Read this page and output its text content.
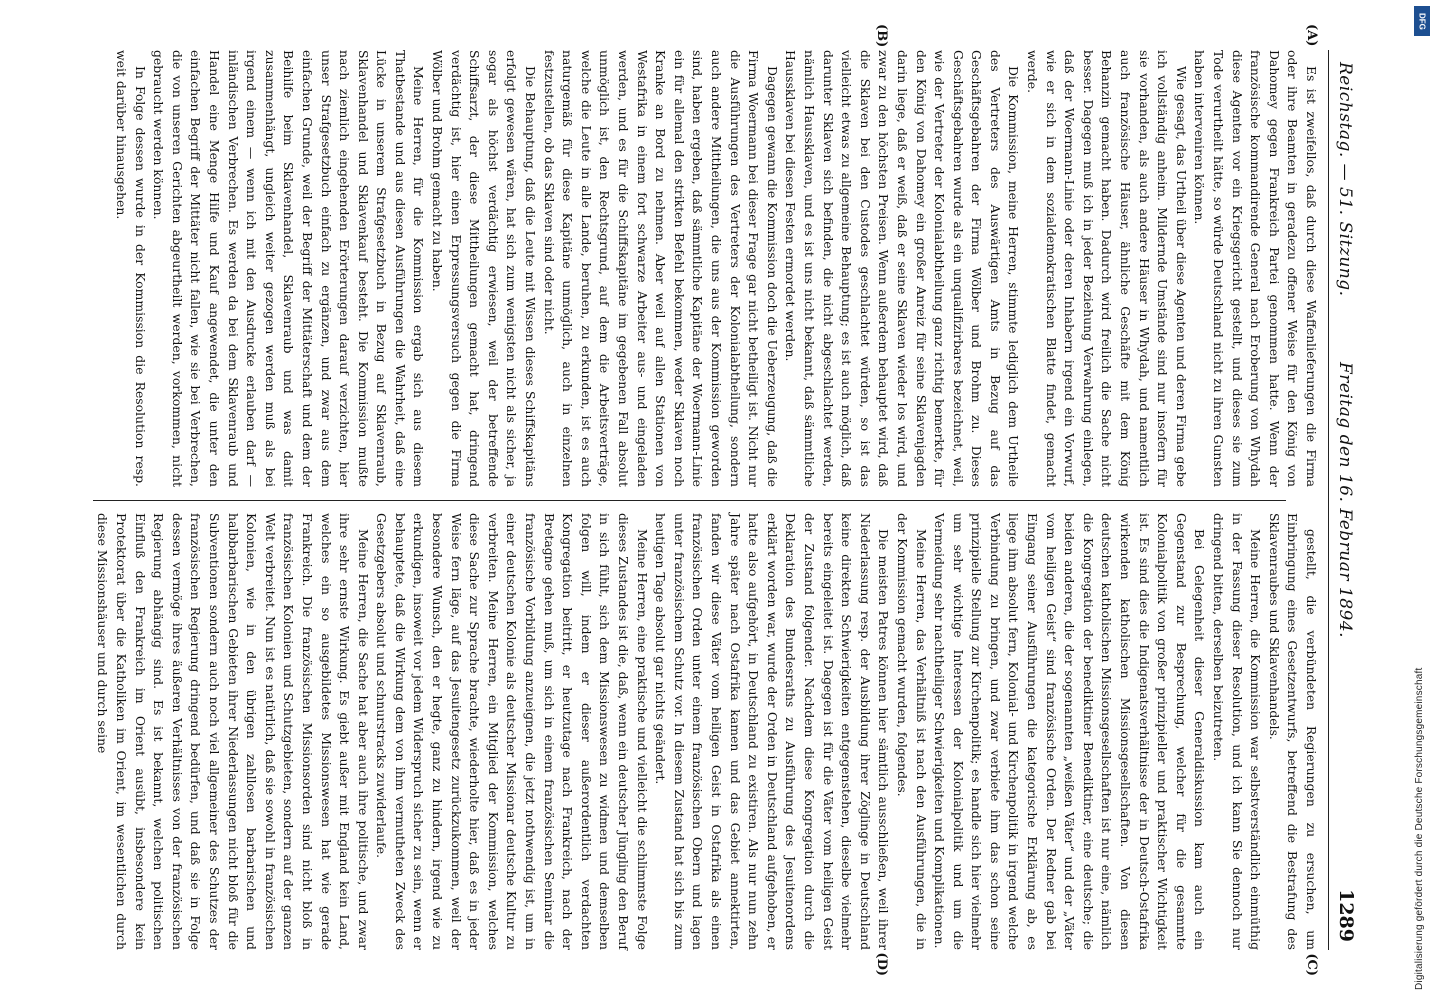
Reichstag. — 51. Sitzung.
Freitag den 16. Februar 1894.
1289
(A)
(B)

Es ist zweifellos, daß durch diese Waffenlieferungen die Firma oder ihre Beamten in geradezu offener Weise für den König von Dahomey gegen Frankreich Partei genommen hatte. Wenn der französische kommandirende General nach Eroberung von Whydah diese Agenten vor ein Kriegsgericht gestellt, und dieses sie zum Tode verurtheilt hätte, so würde Deutschland nicht zu ihren Gunsten haben interveniren können.

Wie gesagt, das Urtheil über diese Agenten und deren Firma gebe ich vollständig anheim. Mildernde Umstände sind nur insofern für sie vorhanden, als auch andere Häuser in Whydah, und namentlich auch französische Häuser, ähnliche Geschäfte mit dem König Behanzin gemacht haben. Dadurch wird freilich die Sache nicht besser. Dagegen muß ich in jeder Beziehung Verwahrung einlegen, daß der Woermann-Linie oder deren Inhabern irgend ein Vorwurf, wie er sich in dem sozialdemokratischen Blatte findet, gemacht werde.

Die Kommission, meine Herren, stimmte lediglich dem Urtheile des Vertreters des Auswärtigen Amts in Bezug auf das Geschäftsgebahren der Firma Wölber und Brohm zu. Dieses Geschäftsgebahren wurde als ein unqualifizirbares bezeichnet, weil, wie der Vertreter der Kolonialabtheilung ganz richtig bemerkte, für den König von Dahomey ein großer Anreiz für seine Sklavenjagden darin liege, daß er weiß, daß er seine Sklaven wieder los wird, und zwar zu den höchsten Preisen. Wenn außerdem behauptet wird, daß die Sklaven bei den Custodes geschlachtet würden, so ist das vielleicht etwas zu allgemeine Behauptung; es ist auch möglich, daß darunter Sklaven sich befinden, die nicht abgeschlachtet werden, nämlich Haussklaven, und es ist uns nicht bekannt, daß sämmtliche Haussklaven bei diesen Festen ermordet werden.

Dagegen gewann die Kommission doch die Ueberzeugung, daß die Firma Woermann bei dieser Frage gar nicht betheiligt ist. Nicht nur die Ausführungen des Vertreters der Kolonialabtheilung, sondern auch andere Mittheilungen, die uns aus der Kommission geworden sind, haben ergeben, daß sämmtliche Kapitäne der Woermann-Linie ein für allemal den strikten Befehl bekommen, weder Sklaven noch Kranke an Bord zu nehmen. Aber weil auf allen Stationen von Westafrika in einem fort schwarze Arbeiter aus- und eingeladen werden, und es für die Schiffskapitäne im gegebenen Fall absolut unmöglich ist, den Rechtsgrund, auf dem die Arbeitsverträge, welche die Leute in alle Lande, beruhen, zu erkunden, ist es auch naturgemäß für diese Kapitäne unmöglich, auch in einzelnen festzustellen, ob das Sklaven sind oder nicht.

Die Behauptung, daß die Leute mit Wissen dieses Schiffskapitäns erfolgt gewesen wären, hat sich zum wenigsten nicht als sicher, ja sogar als höchst verdächtig erwiesen, weil der betreffende Schiffsarzt, der diese Mittheilungen gemacht hat, dringend verdächtig ist, hier einen Erpressungsversuch gegen die Firma Wölber und Brohm gemacht zu haben.

Meine Herren, für die Kommission ergab sich aus diesem Thatbestande und aus diesen Ausführungen die Wahrheit, daß eine Lücke in unserem Strafgesetzbuch in Bezug auf Sklavenraub, Sklavenhandel und Sklavenkauf besteht. Die Kommission mußte nach ziemlich eingehenden Erörterungen darauf verzichten, hier unser Strafgesetzbuch einfach zu ergänzen, und zwar aus dem einfachen Grunde, weil der Begriff der Mittäterschaft und dem der Beihilfe beim Sklavenhandel, Sklavenraub und was damit zusammenhängt, ungleich weiter gezogen werden muß als bei irgend einem — wenn ich mit den Ausdrucke erlauben darf — inländischen Verbrechen. Es werden da bei dem Sklavenraub und Handel eine Menge Hilfe und Kauf angewendet, die unter den einfachen Begriff der Mittäter nicht fallen, wie sie bei Verbrechen, die von unseren Gerichten abgeurtheilt werden, vorkommen, nicht gebraucht werden können.

In Folge dessen wurde in der Kommission die Resolution resp. weit darüber hinausgehen.

(C)
(D)

gestellt, die verbündeten Regierungen zu ersuchen, um Einbringung eines Gesetzentwurfs, betreffend die Bestrafung des Sklavenraubes und Sklavenhandels.

Meine Herren, die Kommission war selbstverständlich einmüthig in der Fassung dieser Resolution, und ich kann Sie dennoch nur dringend bitten, derselben beizutreten.

Bei Gelegenheit dieser Generaldiskussion kam auch ein Gegenstand zur Besprechung, welcher für die gesammte Kolonialpolitik von großer prinzipieller und praktischer Wichtigkeit ist. Es sind dies die Indigenatsverhältnisse der in Deutsch-Ostafrika wirkenden katholischen Missionsgesellschaften. Von diesen deutschen katholischen Missionsgesellschaften ist nur eine, nämlich die Kongregation der benediktiner Benediktiner, eine deutsche; die beiden anderen, die der sogenannten „weißen Väter“ und der „Väter vom heiligen Geist“ sind französische Orden. Der Redner gab bei Eingang seiner Ausführungen die kategorische Erklärung ab, es liege ihm absolut fern, Kolonial- und Kirchenpolitik in irgend welche Verbindung zu bringen, und zwar verbiete ihm das schon seine prinzipielle Stellung zur Kirchenpolitik; es handle sich hier vielmehr um sehr wichtige Interessen der Kolonialpolitik und um die Vermeidung sehr nachtheiliger Schwierigkeiten und Komplikationen.

Meine Herren, das Verhältniß ist nach den Ausführungen, die in der Kommission gemacht wurden, folgendes.

Die meisten Patres können hier sämtlich ausschließen, weil ihrer Niederlassung resp. der Ausbildung ihrer Zöglinge in Deutschland keine direkten Schwierigkeiten entgegenstehen, dieselbe vielmehr bereits eingeleitet ist. Dagegen ist für die Väter vom heiligen Geist der Zustand folgender. Nachdem diese Kongregation durch die Deklaration des Bundesraths zu Ausführung des Jesuitenordens erklärt worden war, wurde der Orden in Deutschland aufgehoben, er hatte also aufgehört, in Deutschland zu existiren. Als nur nun zehn Jahre später nach Ostafrika kamen und das Gebiet annektirten, fanden wir diese Väter vom heiligen Geist in Ostafrika als einen französischen Orden unter einem französischen Obern und lagen unter französischem Schutz vor. In diesem Zustand hat sich bis zum heutigen Tage absolut gar nichts geändert.

Meine Herren, eine praktische und vielleicht die schlimmste Folge dieses Zustandes ist die, daß, wenn ein deutscher Jüngling den Beruf in sich fühlt, sich dem Missionswesen zu widmen und demselben folgen will, indem er dieser außerordentlich verdachten Kongregation beitritt, er heutzutage nach Frankreich, nach der Bretagne gehen muß, um sich in einem französischen Seminar die französische Vorbildung anzueignen, die jetzt nothwendig ist, um in einer deutschen Kolonie als deutscher Missionar deutsche Kultur zu verbreiten. Meine Herren, ein Mitglied der Kommission, welches diese Sache zur Sprache brachte, wiederholte hier, daß es in jeder Weise fern läge, auf das Jesuitengesetz zurückzukommen, weil der besondere Wunsch, den er hegte, ganz zu hindern, irgend wie zu erkundigen, insoweit vor jedem Widerspruch sicher zu sein, wenn er behauptete, daß die Wirkung dem von ihm vermutheten Zweck des Gesetzgebers absolut und schnurstracks zuwiderlaufe.

Meine Herren, die Sache hat aber auch ihre politische, und zwar ihre sehr ernste Wirkung. Es giebt außer mit England kein Land, welches ein so ausgebildetes Missionswesen hat wie gerade Frankreich. Die französischen Missionsorden sind nicht bloß in französischen Kolonien und Schutzgebieten, sondern auf der ganzen Welt verbreitet. Nun ist es natürlich, daß sie sowohl in französischen Kolonien, wie in den übrigen zahllosen barbarischen und halbbarbarischen Gebieten ihrer Niederlassungen nicht bloß für die Subventionen sondern auch noch viel allgemeiner des Schutzes der französischen Regierung dringend bedürfen, und daß sie in Folge dessen vermöge ihres äußeren Verhältnisses von der französischen Regierung abhängig sind. Es ist bekannt, welchen politischen Einfluß den Frankreich im Orient ausübt, insbesondere kein Protektorat über die Katholiken im Orient, im wesentlichen durch diese Missionshäuser und durch seine

DFG
Digitalisierung gefördert durch die Deutsche Forschungsgemeinschaft
